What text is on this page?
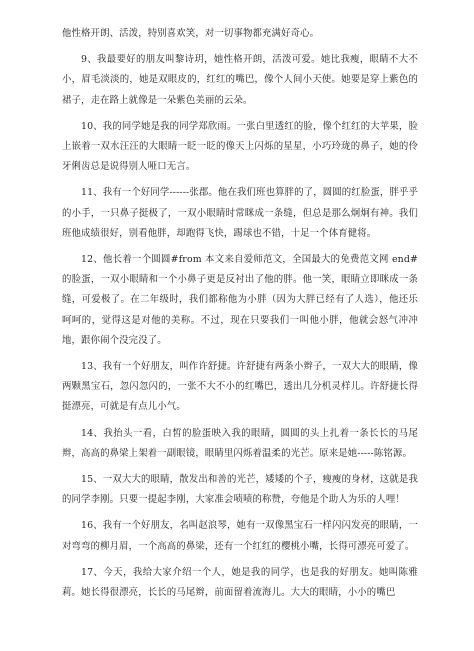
他性格开朗、活泼，特别喜欢笑，对一切事物都充满好奇心。

9、我最要好的朋友叫黎诗玥，她性格开朗，活泼可爱。她比我瘦，眼睛不大不小，眉毛淡淡的，她是双眼皮的，红红的嘴巴，像个人间小天使。她要是穿上紫色的裙子，走在路上就像是一朵紫色美丽的云朵。

10、我的同学她是我的同学郑欣雨。一张白里透红的脸，像个红红的大苹果，脸上嵌着一双水汪汪的大眼睛一眨一眨的像天上闪烁的星星，小巧玲珑的鼻子，她的伶牙俐齿总是说得别人哑口无言。

11、我有一个好同学------张郡。他在我们班也算胖的了，圆圆的红脸蛋，胖乎乎的小手，一只鼻子挺极了，一双小眼睛时常眯成一条缝，但总是那么炯炯有神。我们班他成绩很好，别看他胖，却跑得飞快，踢球也不错，十足一个体育健将。

12、他长着一个圆圆#from 本文来自爱师范文，全国最大的免费范文网 end#的脸蛋，一双小眼睛和一个小鼻子更是反衬出了他的胖。他一笑，眼睛立即眯成一条缝，可爱极了。在二年级时，我们都称他为小胖（因为大胖已经有了人选），他还乐呵呵的，觉得这是对他的美称。不过，现在只要我们一叫他小胖，他就会怒气冲冲地，跟你闹个没完没了。

13、我有一个好朋友，叫作许舒捷。许舒捷有两条小辫子，一双大大的眼睛，像两颗黑宝石，忽闪忽闪的，一张不大不小的红嘴巴，透出几分机灵样儿。许舒捷长得挺漂亮，可就是有点儿小气。

14、我抬头一看，白皙的脸蛋映入我的眼睛，圆圆的头上扎着一条长长的马尾辫，高高的鼻梁上架着一副眼镜，眼睛里闪烁着温柔的光芒。原来是她-----陈铭源。

15、一双大大的眼睛，散发出和善的光芒，矮矮的个子，瘦瘦的身材，这就是我的同学李刚。只要一提起李刚，大家准会啧啧的称赞，夸他是个助人为乐的人哩！

16、我有一个好朋友，名叫赵浪琴，她有一双像黑宝石一样闪闪发亮的眼睛，一对弯弯的柳月眉，一个高高的鼻梁，还有一个红红的樱桃小嘴，长得可漂亮可爱了。

17、今天，我给大家介绍一个人，她是我的同学，也是我的好朋友。她叫陈雅莉。她长得很漂亮，长长的马尾辫，前面留着流海儿。大大的眼睛，小小的嘴巴
